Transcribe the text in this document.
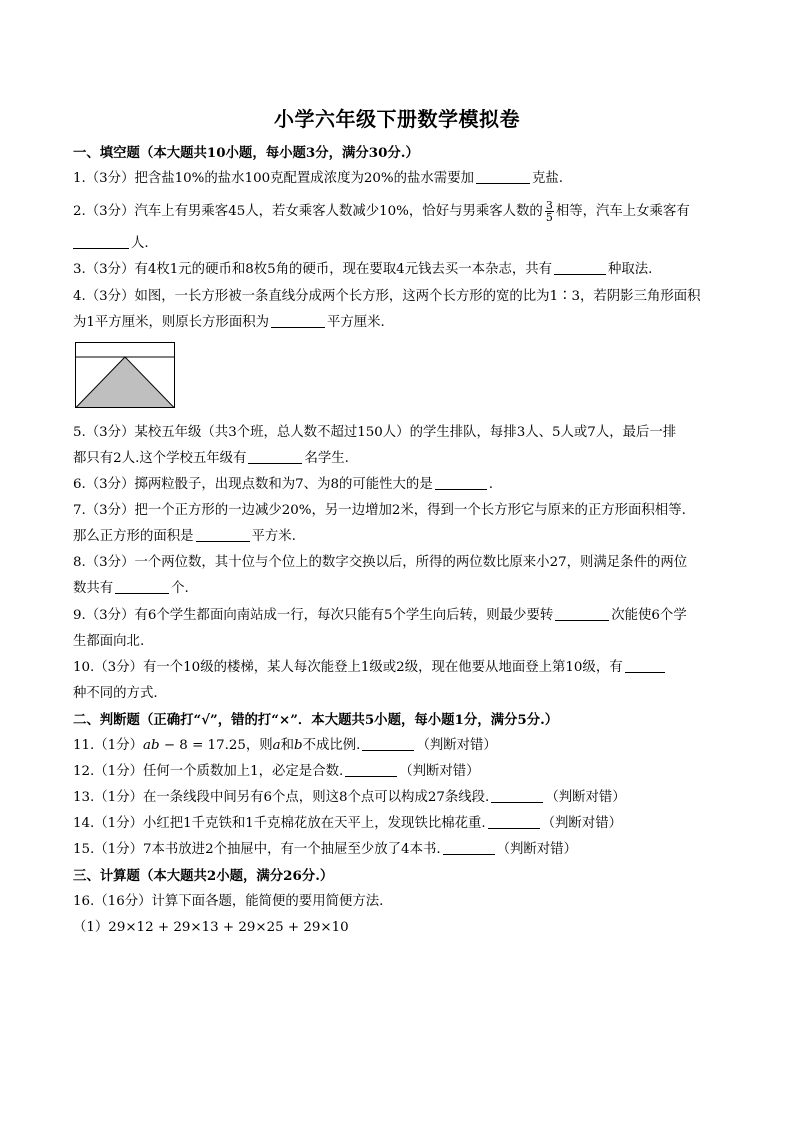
小学六年级下册数学模拟卷
一、填空题（本大题共10小题，每小题3分，满分30分.）
1.（3分）把含盐10%的盐水100克配置成浓度为20%的盐水需要加	克盐.
2.（3分）汽车上有男乘客45人，若女乘客人数减少10%，恰好与男乘客人数的 $\frac{3}{5}$ 相等，汽车上女乘客有
人.
3.（3分）有4枚1元的硬币和8枚5角的硬币，现在要取4元钱去买一本杂志，共有	种取法.
4.（3分）如图，一长方形被一条直线分成两个长方形，这两个长方形的宽的比为1∶3，若阴影三角形面积
为1平方厘米，则原长方形面积为	平方厘米.
5.（3分）某校五年级（共3个班，总人数不超过150人）的学生排队，每排3人、5人或7人，最后一排
都只有2人.这个学校五年级有	名学生.
6.（3分）掷两粒骰子，出现点数和为7、为8的可能性大的是	.
7.（3分）把一个正方形的一边减少20%，另一边增加2米，得到一个长方形它与原来的正方形面积相等.
那么正方形的面积是	平方米.
8.（3分）一个两位数，其十位与个位上的数字交换以后，所得的两位数比原来小27，则满足条件的两位
数共有	个.
9.（3分）有6个学生都面向南站成一行，每次只能有5个学生向后转，则最少要转	次能使6个学
生都面向北.
10.（3分）有一个10级的楼梯，某人每次能登上1级或2级，现在他要从地面登上第10级，有
种不同的方式.
二、判断题（正确打“√”，错的打“×”．本大题共5小题，每小题1分，满分5分.）
11.（1分）ab − 8 = 17.25，则a和b不成比例.	（判断对错）
12.（1分）任何一个质数加上1，必定是合数.	（判断对错）
13.（1分）在一条线段中间另有6个点，则这8个点可以构成27条线段.	（判断对错）
14.（1分）小红把1千克铁和1千克棉花放在天平上，发现铁比棉花重.	（判断对错）
15.（1分）7本书放进2个抽屉中，有一个抽屉至少放了4本书.	（判断对错）
三、计算题（本大题共2小题，满分26分.）
16.（16分）计算下面各题，能简便的要用简便方法.
（1）29×12 + 29×13 + 29×25 + 29×10
